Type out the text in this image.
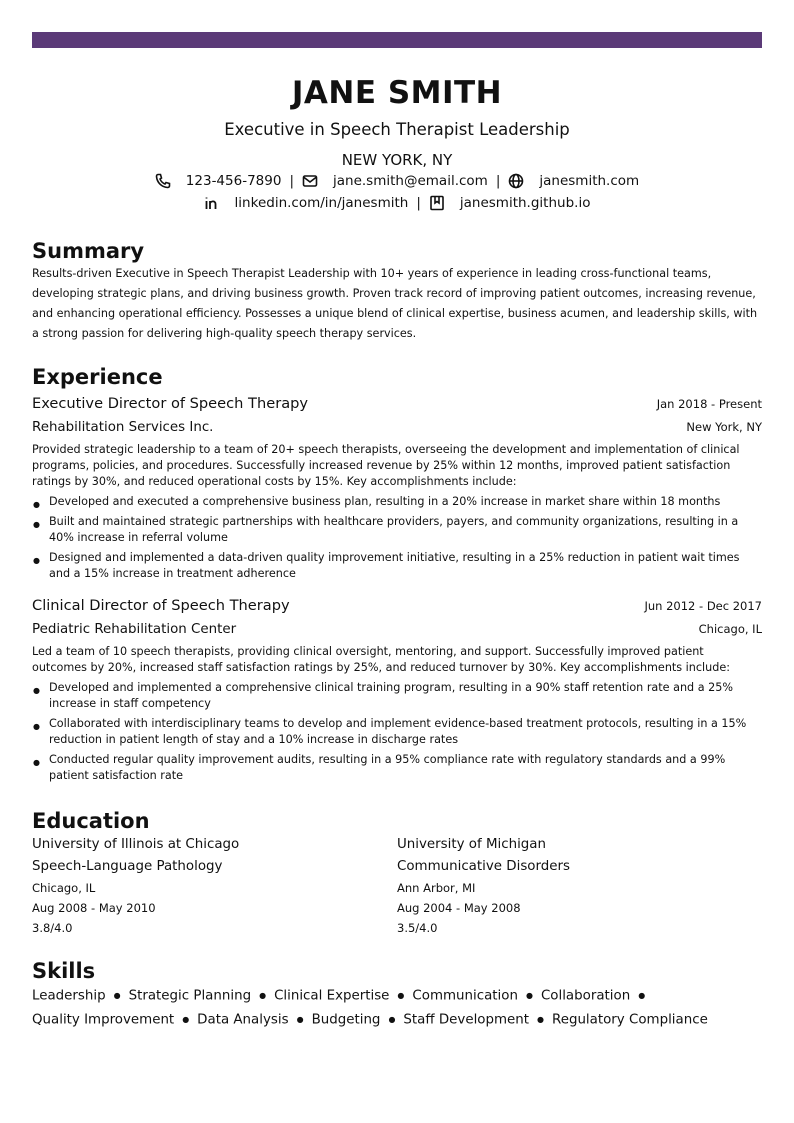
JANE SMITH
Executive in Speech Therapist Leadership
NEW YORK, NY
123-456-7890 |	jane.smith@email.com |	janesmith.com
linkedin.com/in/janesmith |	janesmith.github.io
Summary
Results-driven Executive in Speech Therapist Leadership with 10+ years of experience in leading cross-functional teams, developing strategic plans, and driving business growth. Proven track record of improving patient outcomes, increasing revenue, and enhancing operational efficiency. Possesses a unique blend of clinical expertise, business acumen, and leadership skills, with a strong passion for delivering high-quality speech therapy services.
Experience
Executive Director of Speech Therapy	Jan 2018 - Present
Rehabilitation Services Inc.	New York, NY
Provided strategic leadership to a team of 20+ speech therapists, overseeing the development and implementation of clinical programs, policies, and procedures. Successfully increased revenue by 25% within 12 months, improved patient satisfaction ratings by 30%, and reduced operational costs by 15%. Key accomplishments include:
● Developed and executed a comprehensive business plan, resulting in a 20% increase in market share within 18 months
● Built and maintained strategic partnerships with healthcare providers, payers, and community organizations, resulting in a 40% increase in referral volume
● Designed and implemented a data-driven quality improvement initiative, resulting in a 25% reduction in patient wait times and a 15% increase in treatment adherence
Clinical Director of Speech Therapy	Jun 2012 - Dec 2017
Pediatric Rehabilitation Center	Chicago, IL
Led a team of 10 speech therapists, providing clinical oversight, mentoring, and support. Successfully improved patient outcomes by 20%, increased staff satisfaction ratings by 25%, and reduced turnover by 30%. Key accomplishments include:
● Developed and implemented a comprehensive clinical training program, resulting in a 90% staff retention rate and a 25% increase in staff competency
● Collaborated with interdisciplinary teams to develop and implement evidence-based treatment protocols, resulting in a 15% reduction in patient length of stay and a 10% increase in discharge rates
● Conducted regular quality improvement audits, resulting in a 95% compliance rate with regulatory standards and a 99% patient satisfaction rate
Education
University of Illinois at Chicago
Speech-Language Pathology
Chicago, IL
Aug 2008 - May 2010
3.8/4.0
University of Michigan
Communicative Disorders
Ann Arbor, MI
Aug 2004 - May 2008
3.5/4.0
Skills
Leadership ● Strategic Planning ● Clinical Expertise ● Communication ● Collaboration ●
Quality Improvement ● Data Analysis ● Budgeting ● Staff Development ● Regulatory Compliance
